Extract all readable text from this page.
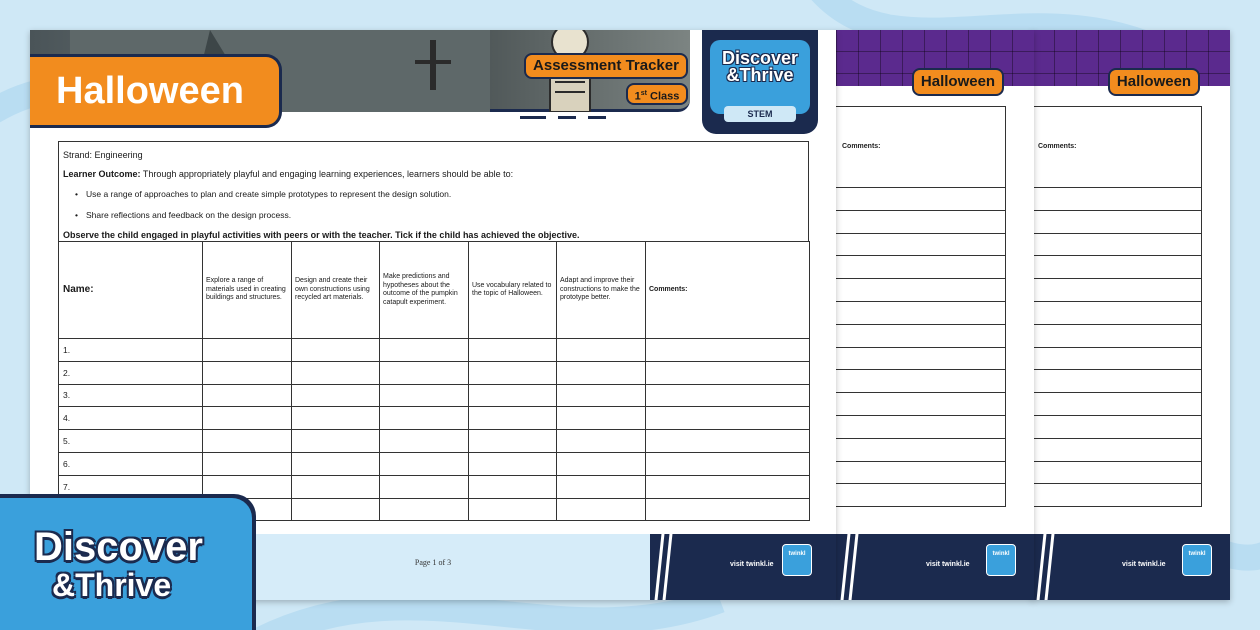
Halloween
Comments:
visit twinkl.ie
twinkl
Halloween
Comments:
visit twinkl.ie
twinkl
Halloween
Assessment Tracker
1st Class
Discover
&Thrive
STEM

Strand: Engineering

Learner Outcome: Through appropriately playful and engaging learning experiences, learners should be able to:

• Use a range of approaches to plan and create simple prototypes to represent the design solution.

• Share reflections and feedback on the design process.

Observe the child engaged in playful activities with peers or with the teacher. Tick if the child has achieved the objective.

Name:	Explore a range of materials used in creating buildings and structures.	Design and create their own constructions using recycled art materials.	Make predictions and hypotheses about the outcome of the pumpkin catapult experiment.	Use vocabulary related to the topic of Halloween.	Adapt and improve their constructions to make the prototype better.	Comments:
1.						
2.						
3.						
4.						
5.						
6.						
7.						

Page 1 of 3	visit twinkl.ie
twinkl
Discover
&Thrive
